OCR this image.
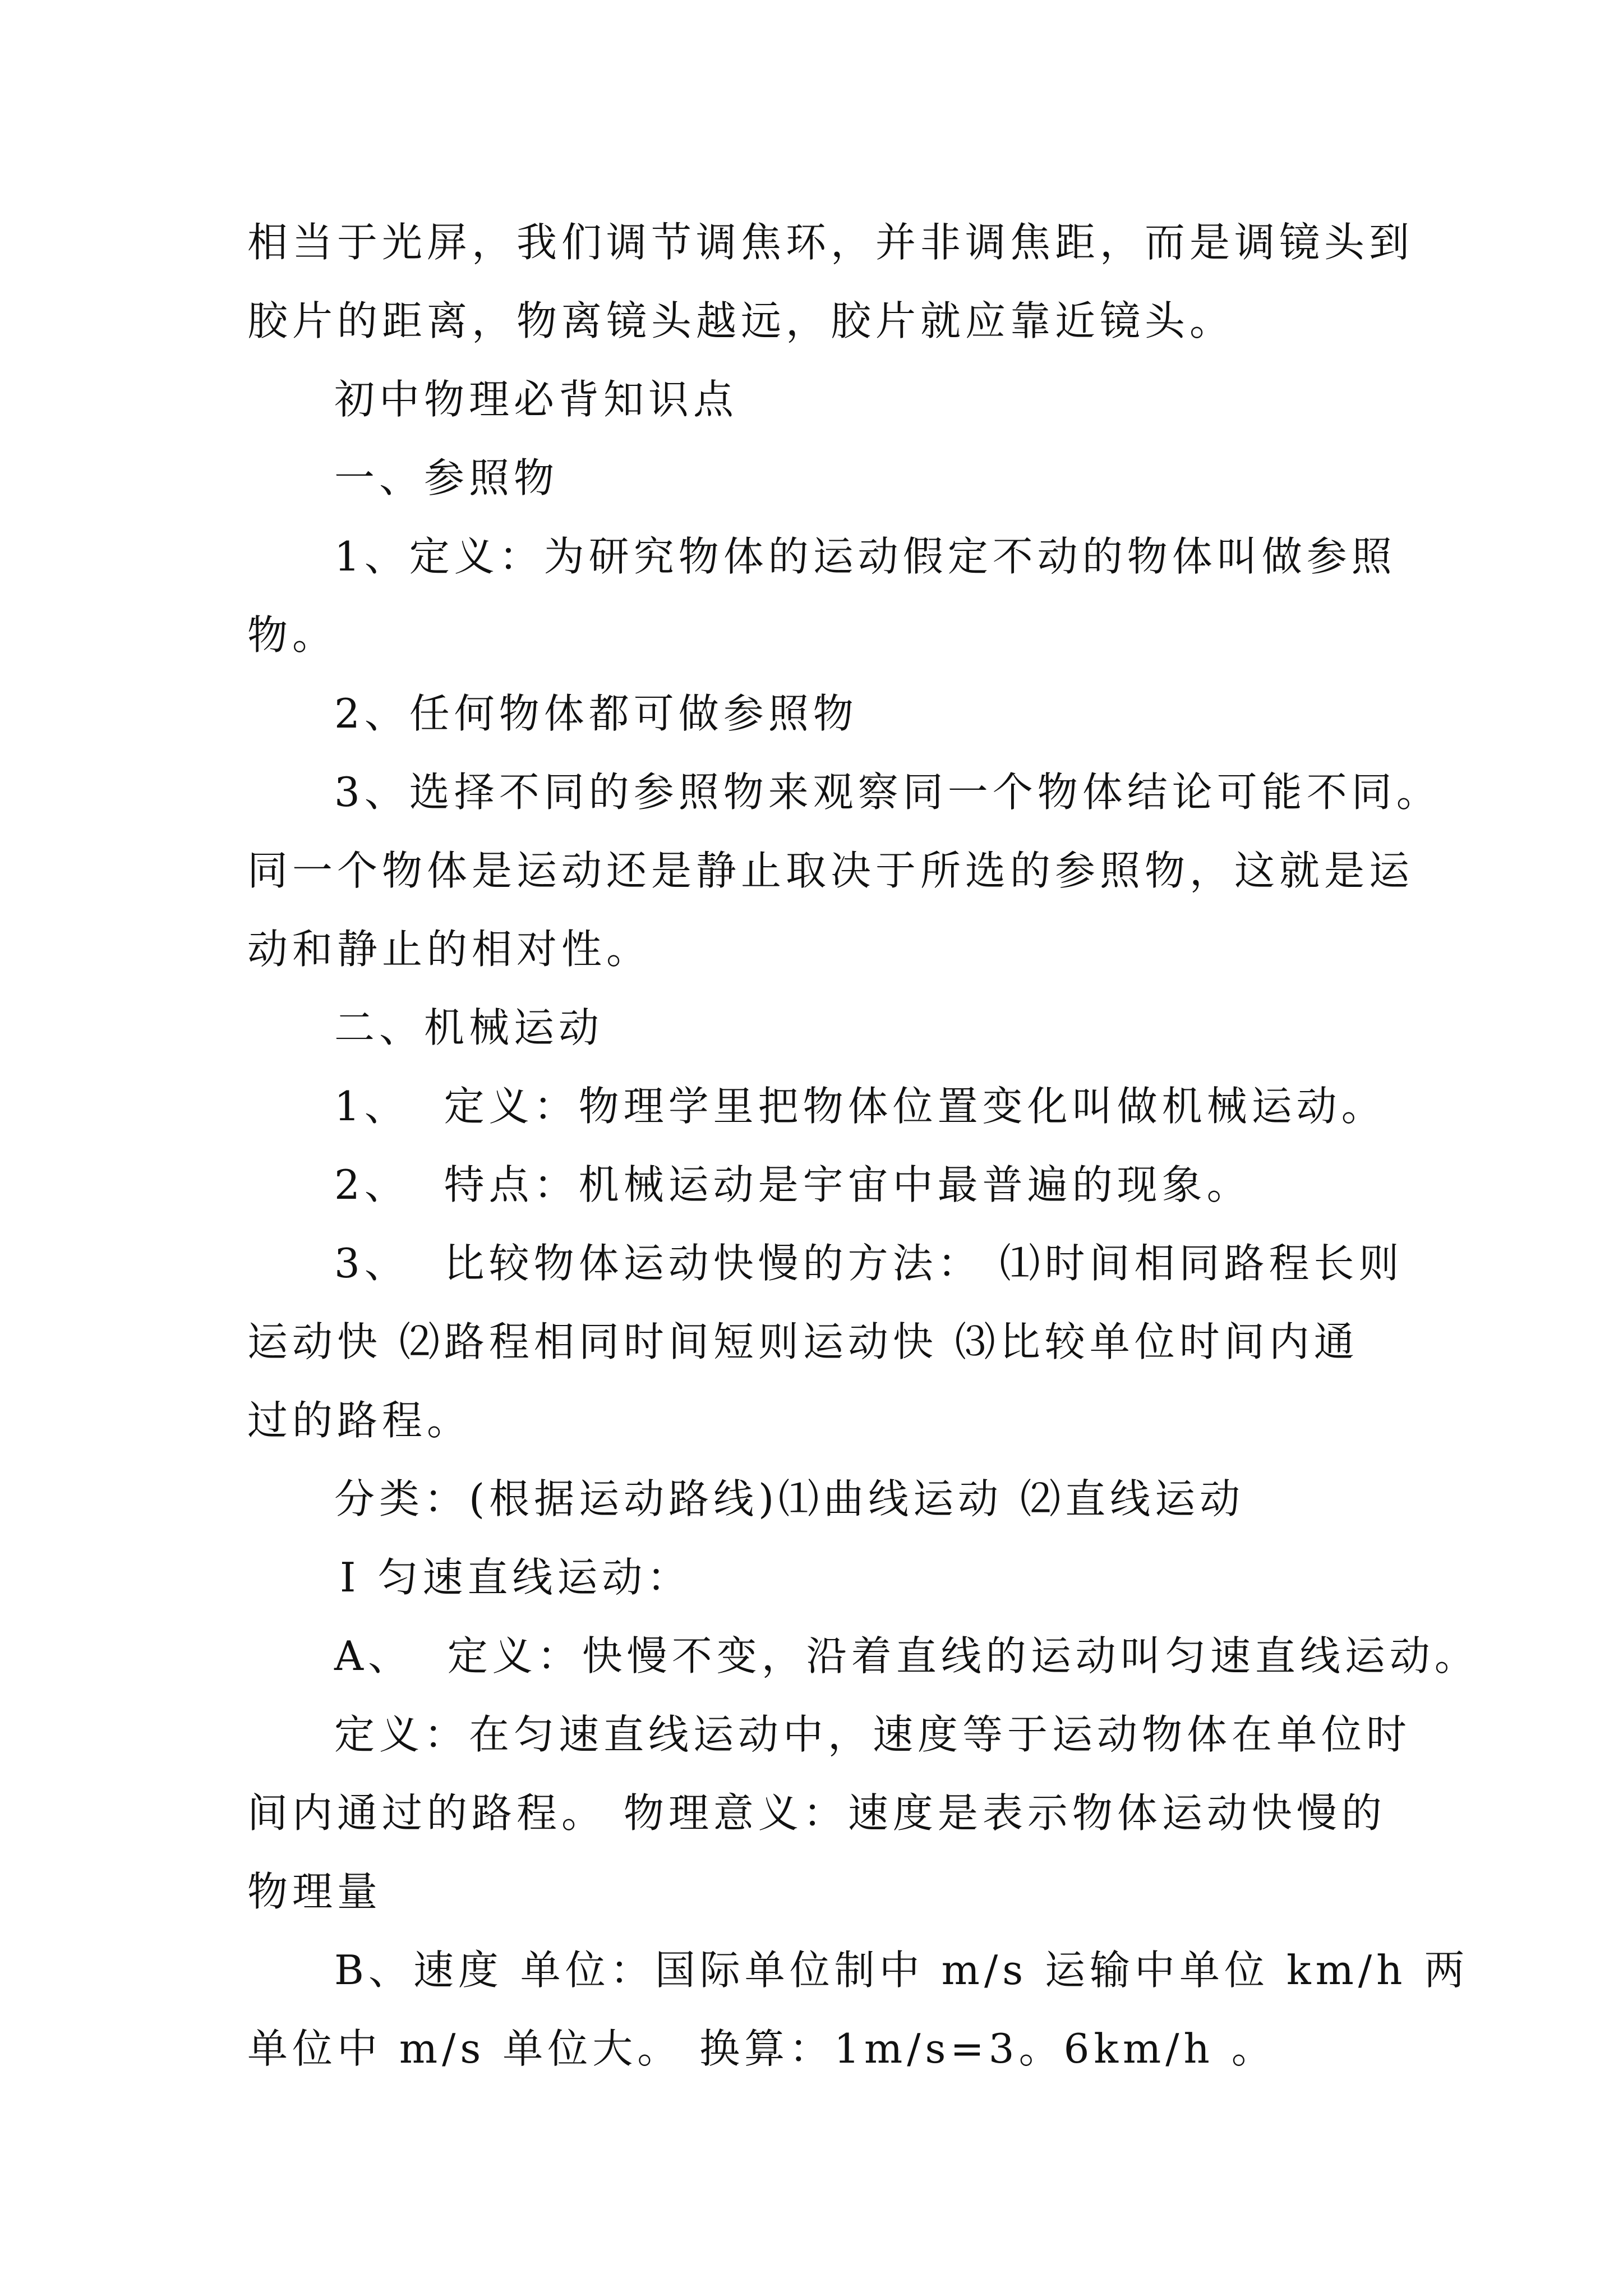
相当于光屏，我们调节调焦环，并非调焦距，而是调镜头到
胶片的距离，物离镜头越远，胶片就应靠近镜头。
初中物理必背知识点
一、参照物
1、定义：为研究物体的运动假定不动的物体叫做参照
物。
2、任何物体都可做参照物
3、选择不同的参照物来观察同一个物体结论可能不同。
同一个物体是运动还是静止取决于所选的参照物，这就是运
动和静止的相对性。
二、机械运动
1、  定义：物理学里把物体位置变化叫做机械运动。
2、  特点：机械运动是宇宙中最普遍的现象。
3、  比较物体运动快慢的方法： ⑴时间相同路程长则
运动快 ⑵路程相同时间短则运动快 ⑶比较单位时间内通
过的路程。
分类：(根据运动路线)⑴曲线运动 ⑵直线运动
Ⅰ 匀速直线运动：
A、  定义：快慢不变，沿着直线的运动叫匀速直线运动。
定义：在匀速直线运动中，速度等于运动物体在单位时
间内通过的路程。 物理意义：速度是表示物体运动快慢的
物理量
B、速度 单位：国际单位制中 m/s 运输中单位 km/h 两
单位中 m/s 单位大。 换算：1m/s=3。6km/h 。
